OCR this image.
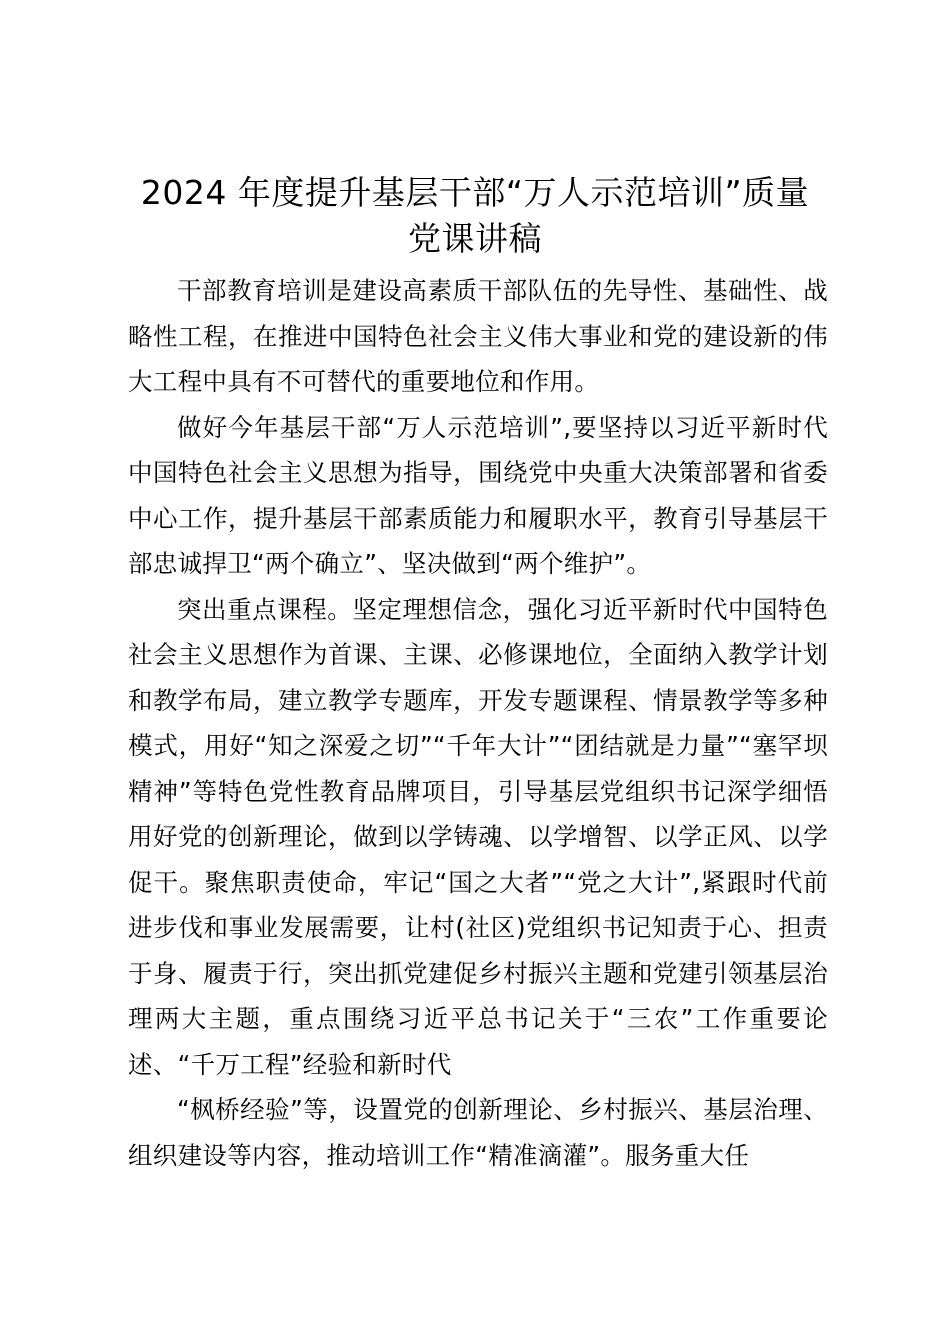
2024 年度提升基层干部“万人示范培训”质量
党课讲稿

干部教育培训是建设高素质干部队伍的先导性、基础性、战略性工程，在推进中国特色社会主义伟大事业和党的建设新的伟大工程中具有不可替代的重要地位和作用。

做好今年基层干部“万人示范培训”,要坚持以习近平新时代中国特色社会主义思想为指导，围绕党中央重大决策部署和省委中心工作，提升基层干部素质能力和履职水平，教育引导基层干部忠诚捍卫“两个确立”、坚决做到“两个维护”。

突出重点课程。坚定理想信念，强化习近平新时代中国特色社会主义思想作为首课、主课、必修课地位，全面纳入教学计划和教学布局，建立教学专题库，开发专题课程、情景教学等多种模式，用好“知之深爱之切”“千年大计”“团结就是力量”“塞罕坝精神”等特色党性教育品牌项目，引导基层党组织书记深学细悟用好党的创新理论，做到以学铸魂、以学增智、以学正风、以学促干。聚焦职责使命，牢记“国之大者”“党之大计”,紧跟时代前进步伐和事业发展需要，让村(社区)党组织书记知责于心、担责于身、履责于行，突出抓党建促乡村振兴主题和党建引领基层治理两大主题，重点围绕习近平总书记关于“三农”工作重要论述、“千万工程”经验和新时代

“枫桥经验”等，设置党的创新理论、乡村振兴、基层治理、组织建设等内容，推动培训工作“精准滴灌”。服务重大任
